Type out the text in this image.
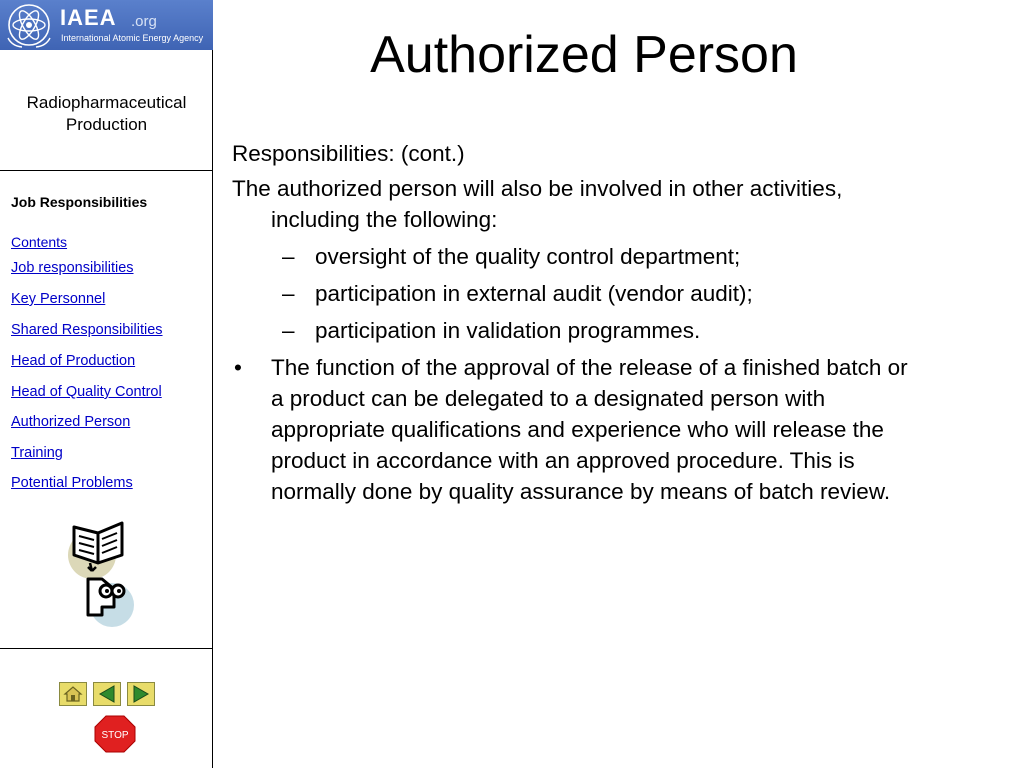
IAEA .org
International Atomic Energy Agency
Radiopharmaceutical Production
Job Responsibilities
Contents
Job responsibilities
Key Personnel
Shared Responsibilities
Head of Production
Head of Quality Control
Authorized Person
Training
Potential Problems
STOP
Authorized Person

Responsibilities: (cont.)

The authorized person will also be involved in other activities, including the following:

– oversight of the quality control department;

– participation in external audit (vendor audit);

– participation in validation programmes.

• The function of the approval of the release of a finished batch or a product can be delegated to a designated person with appropriate qualifications and experience who will release the product in accordance with an approved procedure. This is normally done by quality assurance by means of batch review.
